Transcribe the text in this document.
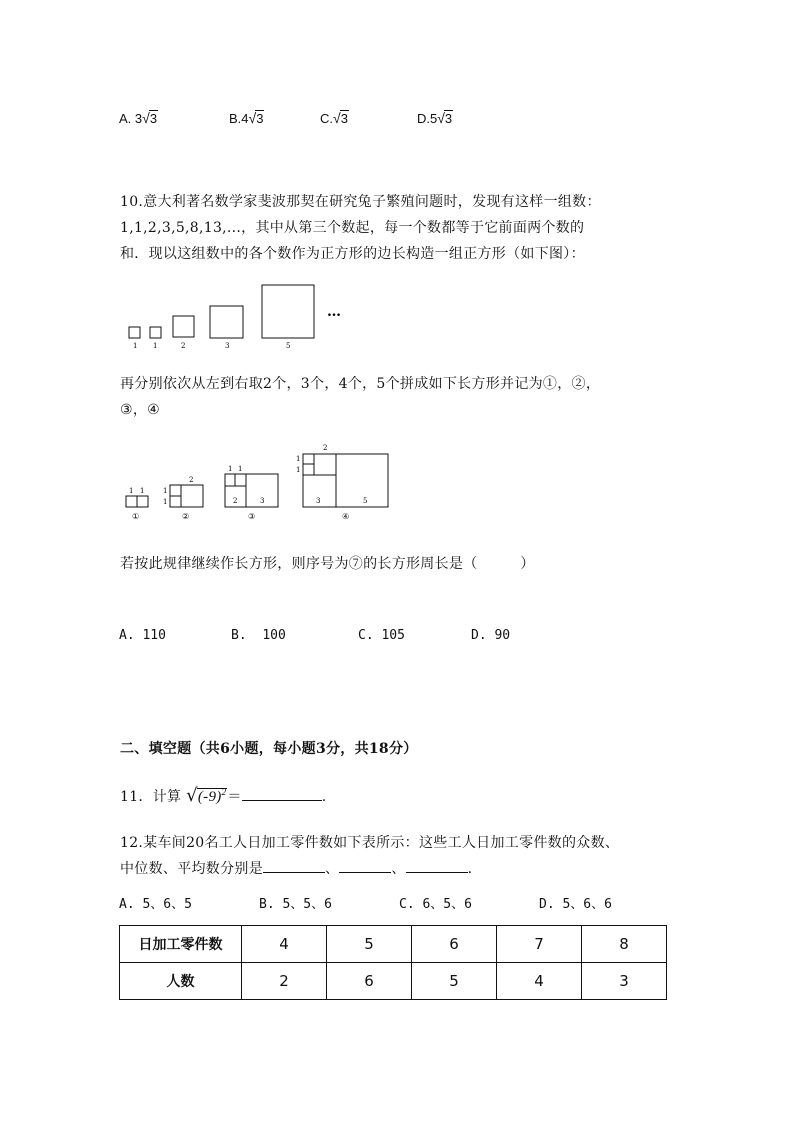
A. 3√3	B.4√3	C.√3	D.5√3
10.意大利著名数学家斐波那契在研究兔子繁殖问题时，发现有这样一组数：
1,1,2,3,5,8,13,...，其中从第三个数起，每一个数都等于它前面两个数的
和．现以这组数中的各个数作为正方形的边长构造一组正方形（如下图）：
1 1	2	3	5
…
再分别依次从左到右取2个，3个，4个，5个拼成如下长方形并记为①，②，
③，④
1 1
①
2
1
1
②
1 1
2	3
③
2
1
1
3	5
④
若按此规律继续作长方形，则序号为⑦的长方形周长是（　　　）
A. 110	B. 100	C. 105	D. 90
二、填空题（共6小题，每小题3分，共18分）
11．计算 $√(-9)^2=$	.
12.某车间20名工人日加工零件数如下表所示：这些工人日加工零件数的众数、
中位数、平均数分别是	、	、	.
A. 5、6、5	B. 5、5、6	C. 6、5、6	D. 5、6、6
日加工零件数	4	5	6	7	8
人数	2	6	5	4	3
